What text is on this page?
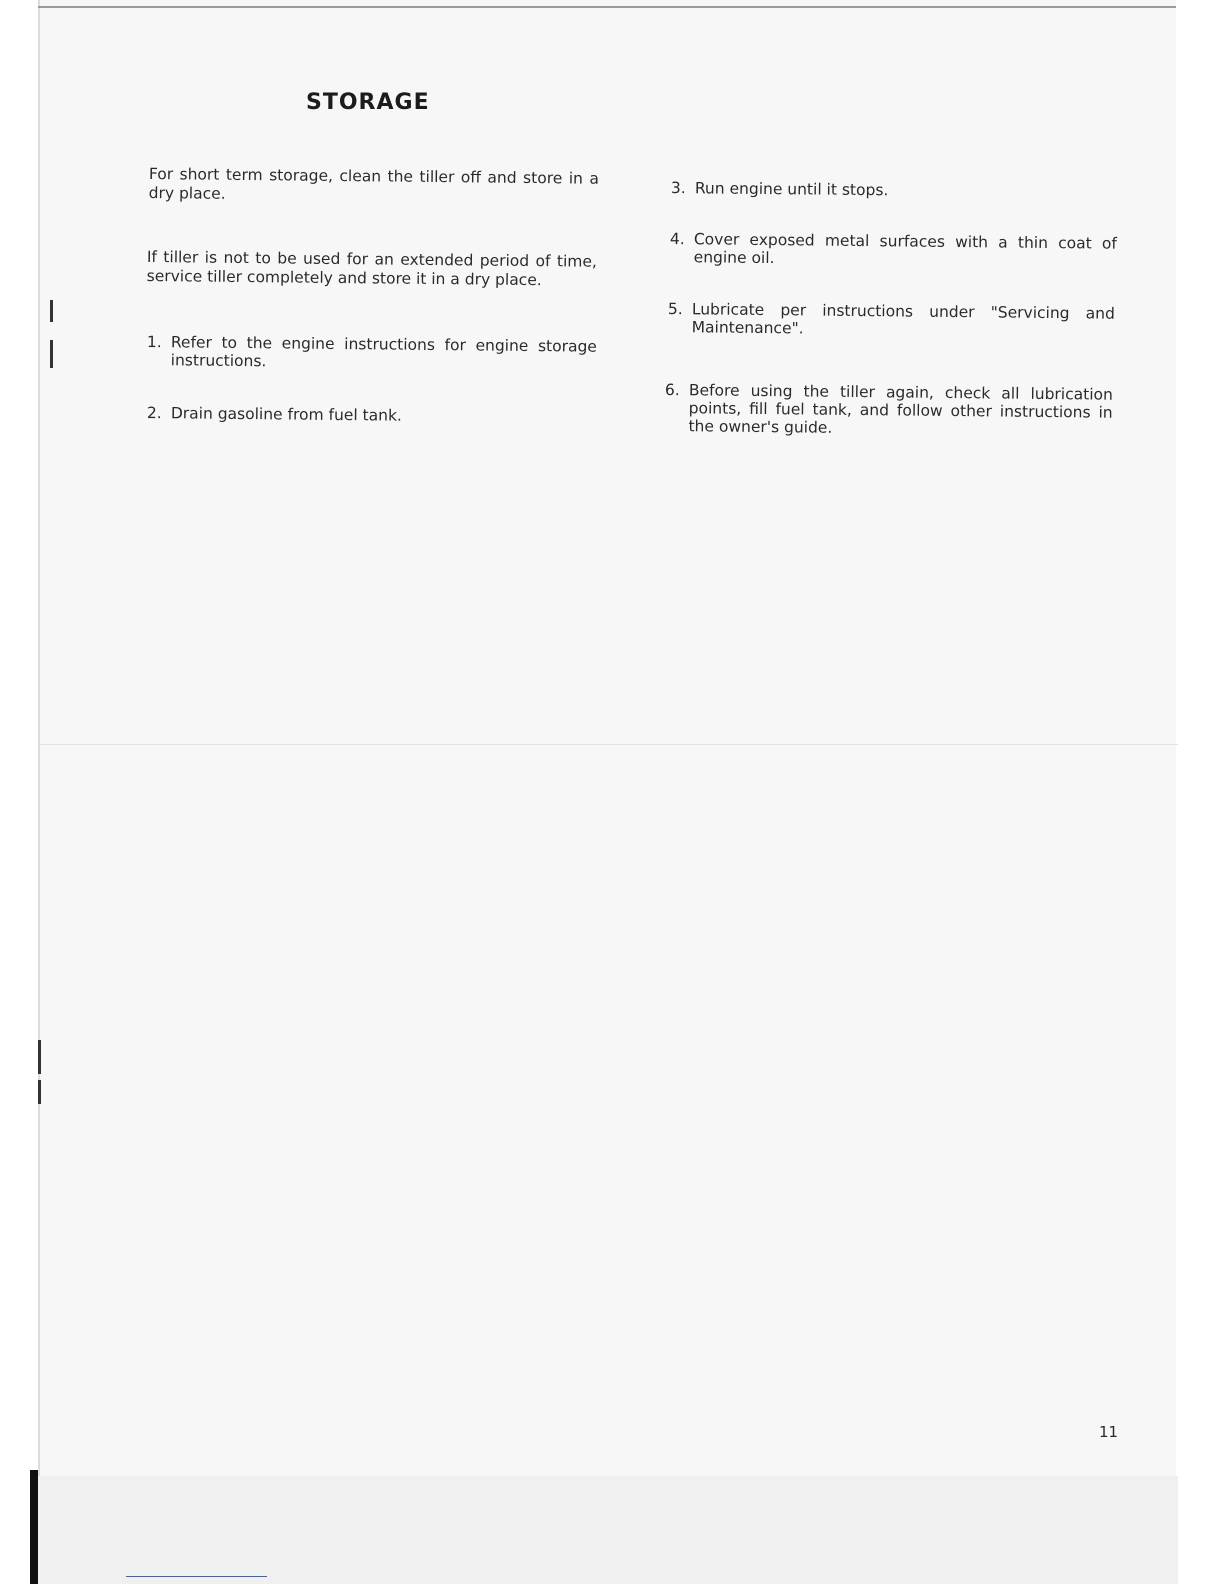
STORAGE

For short term storage, clean the tiller off and store in a dry place.

If tiller is not to be used for an extended period of time, service tiller completely and store it in a dry place.

1. Refer to the engine instructions for engine storage instructions.
2. Drain gasoline from fuel tank.
3. Run engine until it stops.
4. Cover exposed metal surfaces with a thin coat of engine oil.
5. Lubricate per instructions under "Servicing and Maintenance".
6. Before using the tiller again, check all lubrication points, fill fuel tank, and follow other instructions in the owner's guide.
11
